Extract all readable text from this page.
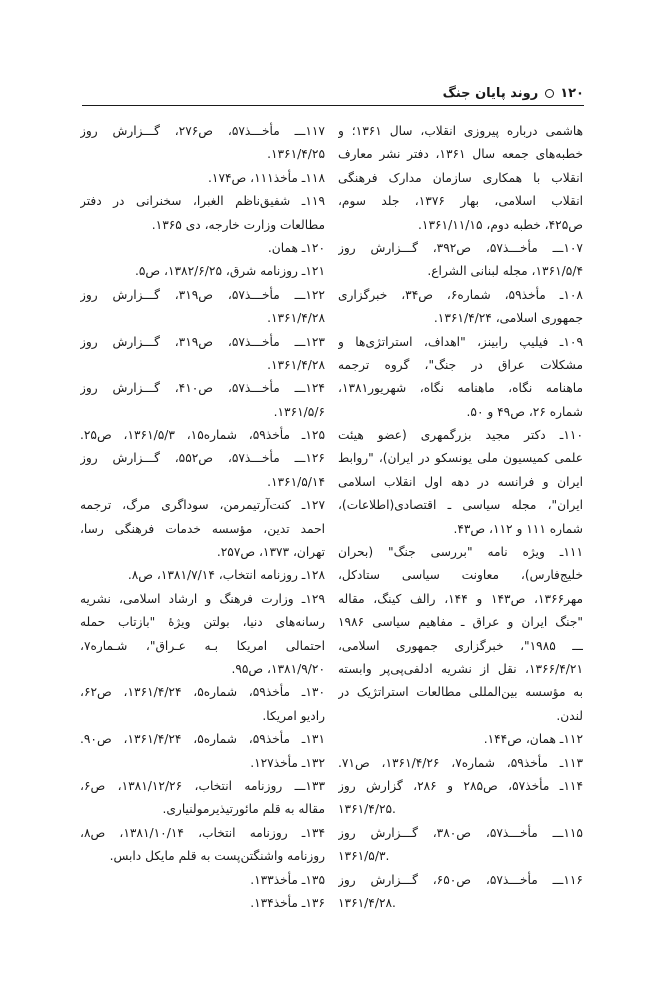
۱۲۰
روند پایان جنگ
هاشمی درباره پیروزی انقلاب، سال ۱۳۶۱؛ و
خطبه‌های جمعه سال ۱۳۶۱، دفتر نشر معارف
انقلاب با همکاری سازمان مدارک فرهنگی
انقلاب اسلامی، بهار ۱۳۷۶، جلد سوم،
ص۴۲۵، خطبه دوم، ۱۳۶۱/۱۱/۱۵.
۱۰۷ـــ مأخـــذ۵۷، ص۳۹۲، گـــزارش روز
۱۳۶۱/۵/۴، مجله لبنانی الشراع.
۱۰۸ـ مأخذ۵۹، شماره۶، ص۳۴، خبرگزاری
جمهوری اسلامی، ۱۳۶۱/۴/۲۴.
۱۰۹ـ فیلیپ رابینز، "اهداف، استراتژی‌ها و
مشکلات عراق در جنگ"، گروه ترجمه
ماهنامه نگاه، ماهنامه نگاه، شهریور۱۳۸۱،
شماره ۲۶، ص۴۹ و ۵۰.
۱۱۰ـ دکتر مجید بزرگمهری (عضو هیئت
علمی کمیسیون ملی یونسکو در ایران)، "روابط
ایران و فرانسه در دهه اول انقلاب اسلامی
ایران"، مجله سیاسی ـ اقتصادی(اطلاعات)،
شماره ۱۱۱ و ۱۱۲، ص۴۳.
۱۱۱ـ ویژه نامه "بررسی جنگ" (بحران
خلیج‌فارس)، معاونت سیاسی ستادکل،
مهر۱۳۶۶، ص۱۴۳ و ۱۴۴، رالف کینگ، مقاله
"جنگ ایران و عراق ـ مفاهیم سیاسی ۱۹۸۶
ـــ ۱۹۸۵"، خبرگزاری جمهوری اسلامی،
۱۳۶۶/۴/۲۱، نقل از نشریه ادلفی‌پی‌پر وابسته
به مؤسسه بین‌المللی مطالعات استراتژیک در
لندن.
۱۱۲ـ همان، ص۱۴۴.
۱۱۳ـ مأخذ۵۹، شماره۷، ۱۳۶۱/۴/۲۶، ص۷۱.
۱۱۴ـ مأخذ۵۷، ص۲۸۵ و ۲۸۶، گزارش روز
۱۳۶۱/۴/۲۵.
۱۱۵ـــ مأخـــذ۵۷، ص۳۸۰، گـــزارش روز
۱۳۶۱/۵/۳.
۱۱۶ـــ مأخـــذ۵۷، ص۶۵۰، گـــزارش روز
۱۳۶۱/۴/۲۸.
۱۱۷ـــ مأخـــذ۵۷، ص۲۷۶، گـــزارش روز
۱۳۶۱/۴/۲۵.
۱۱۸ـ مأخذ۱۱۱، ص۱۷۴.
۱۱۹ـ شفیق‌ناظم الغبرا، سخنرانی در دفتر
مطالعات وزارت خارجه، دی ۱۳۶۵.
۱۲۰ـ همان.
۱۲۱ـ روزنامه شرق، ۱۳۸۲/۶/۲۵، ص۵.
۱۲۲ـــ مأخـــذ۵۷، ص۳۱۹، گـــزارش روز
۱۳۶۱/۴/۲۸.
۱۲۳ـــ مأخـــذ۵۷، ص۳۱۹، گـــزارش روز
۱۳۶۱/۴/۲۸.
۱۲۴ـــ مأخـــذ۵۷، ص۴۱۰، گـــزارش روز
۱۳۶۱/۵/۶.
۱۲۵ـ مأخذ۵۹، شماره۱۵، ۱۳۶۱/۵/۳، ص۲۵.
۱۲۶ـــ مأخـــذ۵۷، ص۵۵۲، گـــزارش روز
۱۳۶۱/۵/۱۴.
۱۲۷ـ کنت‌آرتیمرمن، سوداگری مرگ، ترجمه
احمد تدین، مؤسسه خدمات فرهنگی رسا،
تهران، ۱۳۷۳، ص۲۵۷.
۱۲۸ـ روزنامه انتخاب، ۱۳۸۱/۷/۱۴، ص۸.
۱۲۹ـ وزارت فرهنگ و ارشاد اسلامی، نشریه
رسانه‌های دنیا، بولتن ویژۀ "بازتاب حمله
احتمالی امریکا بـه عـراق"، شـماره۷،
۱۳۸۱/۹/۲۰، ص۹۵.
۱۳۰ـ مأخذ۵۹، شماره۵، ۱۳۶۱/۴/۲۴، ص۶۲،
رادیو امریکا.
۱۳۱ـ مأخذ۵۹، شماره۵، ۱۳۶۱/۴/۲۴، ص۹۰.
۱۳۲ـ مأخذ۱۲۷.
۱۳۳ـــ روزنامه انتخاب، ۱۳۸۱/۱۲/۲۶، ص۶،
مقاله به قلم مائورتیذیرمولنیاری.
۱۳۴ـ روزنامه انتخاب، ۱۳۸۱/۱۰/۱۴، ص۸،
روزنامه واشنگتن‌پست به قلم مایکل دابس.
۱۳۵ـ مأخذ۱۳۳.
۱۳۶ـ مأخذ۱۳۴.
